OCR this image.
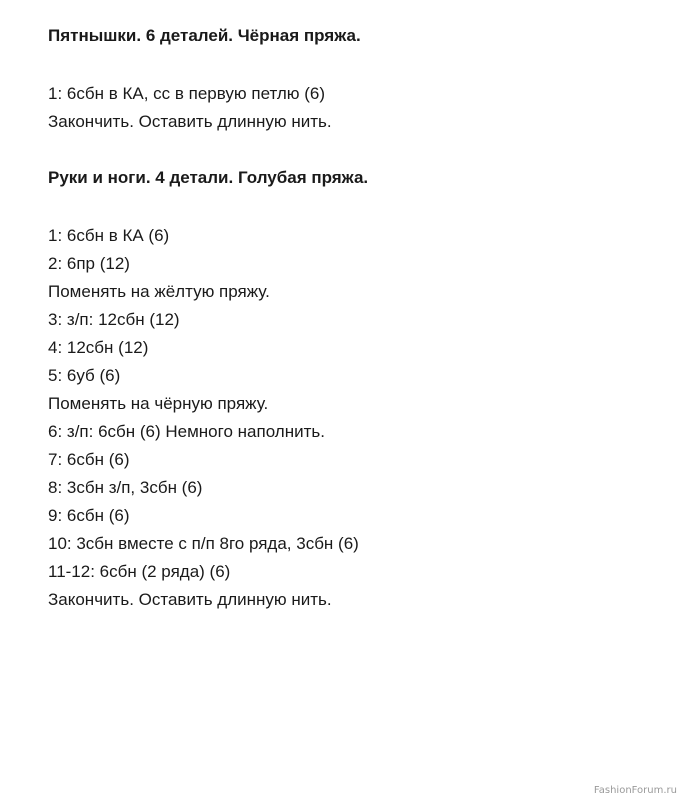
Пятнышки. 6 деталей. Чёрная пряжа.

1: 6сбн в КА, сс в первую петлю (6)

Закончить. Оставить длинную нить.

Руки и ноги. 4 детали. Голубая пряжа.

1: 6сбн в КА (6)

2: 6пр (12)

Поменять на жёлтую пряжу.

3: з/п: 12сбн (12)

4: 12сбн (12)

5: 6уб (6)

Поменять на чёрную пряжу.

6: з/п: 6сбн (6) Немного наполнить.

7: 6сбн (6)

8: 3сбн з/п, 3сбн (6)

9: 6сбн (6)

10: 3сбн вместе с п/п 8го ряда, 3сбн (6)

11-12: 6сбн (2 ряда) (6)

Закончить. Оставить длинную нить.

FashionForum.ru
